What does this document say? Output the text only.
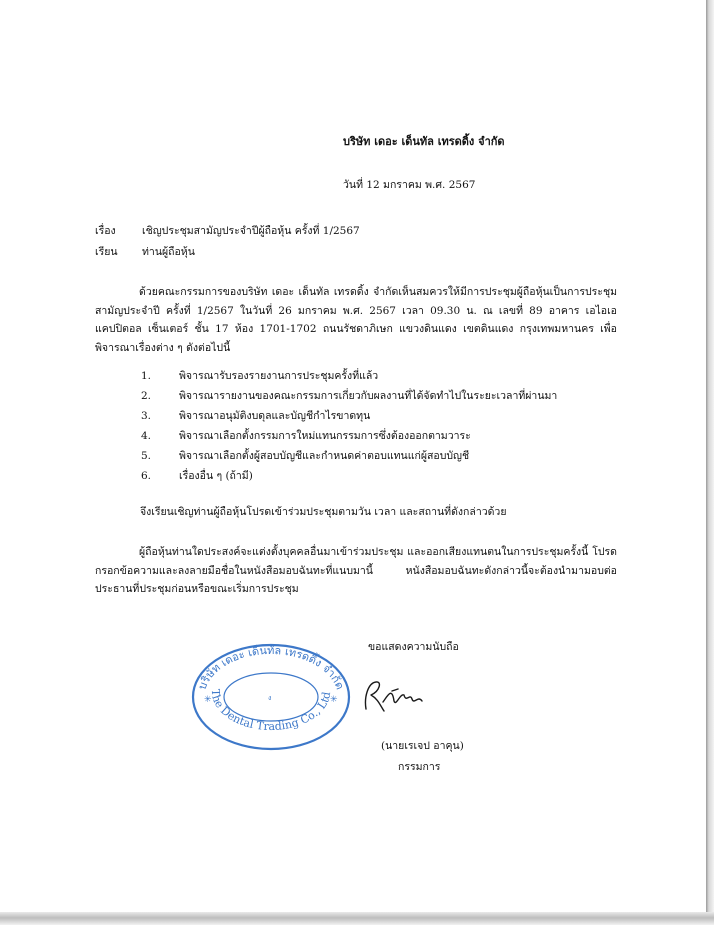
บริษัท เดอะ เด็นทัล เทรดดิ้ง จำกัด
วันที่ 12 มกราคม พ.ศ. 2567
เรื่อง	เชิญประชุมสามัญประจำปีผู้ถือหุ้น ครั้งที่ 1/2567
เรียน ท่านผู้ถือหุ้น
ด้วยคณะกรรมการของบริษัท เดอะ เด็นทัล เทรดดิ้ง จำกัดเห็นสมควรให้มีการประชุมผู้ถือหุ้นเป็นการประชุม สามัญประจำปี ครั้งที่ 1/2567 ในวันที่ 26 มกราคม พ.ศ. 2567 เวลา 09.30 น. ณ เลขที่ 89 อาคาร เอไอเอ แคปปิตอล เซ็นเตอร์ ชั้น 17 ห้อง 1701-1702 ถนนรัชดาภิเษก แขวงดินแดง เขตดินแดง กรุงเทพมหานคร เพื่อพิจารณาเรื่องต่าง ๆ ดังต่อไปนี้
1.	พิจารณารับรองรายงานการประชุมครั้งที่แล้ว
2.	พิจารณารายงานของคณะกรรมการเกี่ยวกับผลงานที่ได้จัดทำไปในระยะเวลาที่ผ่านมา
3.	พิจารณาอนุมัติงบดุลและบัญชีกำไรขาดทุน
4.	พิจารณาเลือกตั้งกรรมการใหม่แทนกรรมการซึ่งต้องออกตามวาระ
5.	พิจารณาเลือกตั้งผู้สอบบัญชีและกำหนดค่าตอบแทนแก่ผู้สอบบัญชี
6.	เรื่องอื่น ๆ (ถ้ามี)
จึงเรียนเชิญท่านผู้ถือหุ้นโปรดเข้าร่วมประชุมตามวัน เวลา และสถานที่ดังกล่าวด้วย
ผู้ถือหุ้นท่านใดประสงค์จะแต่งตั้งบุคคลอื่นมาเข้าร่วมประชุม และออกเสียงแทนตนในการประชุมครั้งนี้ โปรด กรอกข้อความและลงลายมือชื่อในหนังสือมอบฉันทะที่แนบมานี้ หนังสือมอบฉันทะดังกล่าวนี้จะต้องนำมามอบต่อ ประธานที่ประชุมก่อนหรือขณะเริ่มการประชุม
ขอแสดงความนับถือ
บริษัท เดอะ เด็นทัล เทรดดิ้ง จำกัด
The Dental Trading Co., Ltd
✳	✳
ง
(นายเรเจป อาคุน)
กรรมการ
